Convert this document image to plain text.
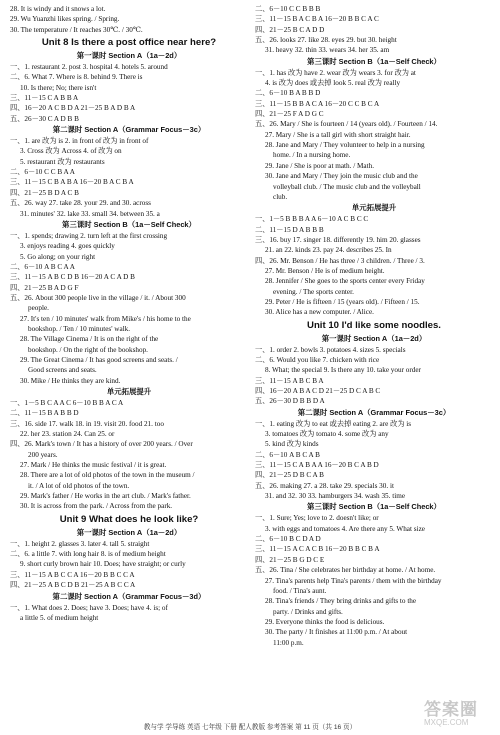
28. It is windy and it snows a lot.
29. Wu Yuanzhi likes spring. / Spring.
30. The temperature / It reaches 30℃. / 30℃.
Unit 8 Is there a post office near here?
第一课时 Section A（1a－2d）
一、1. restaurant 2. post 3. hospital 4. hotels 5. around
二、6. What 7. Where is 8. behind 9. There is
10. Is there; No; there isn't
三、11－15 C A B B A
四、16－20 A C B D A 21－25 B A D B A
五、26－30 C A D B B
第二课时 Section A（Grammar Focus－3c）
一、1. are 改为 is 2. in front of 改为 in front of
3. Cross 改为 Across 4. of 改为 on
5. restaurant 改为 restaurants
二、6－10 C C B A A
三、11－15 C B A B A 16－20 B A C B A
四、21－25 B D A C B
五、26. way 27. take 28. your 29. and 30. across
31. minutes' 32. lake 33. small 34. between 35. a
第三课时 Section B（1a－Self Check）
一、1. spends; drawing 2. turn left at the first crossing
3. enjoys reading 4. goes quickly
5. Go along; on your right
二、6－10 A B C A A
三、11－15 A B C D B 16－20 A C A D B
四、21－25 B A D G F
五、26. About 300 people live in the village / it. / About 300
people.
27. It's ten / 10 minutes' walk from Mike's / his home to the
bookshop. / Ten / 10 minutes' walk.
28. The Village Cinema / It is on the right of the
bookshop. / On the right of the bookshop.
29. The Great Cinema / It has good screens and seats. /
Good screens and seats.
30. Mike / He thinks they are kind.
单元拓展提升
一、1－5 B C A A C 6－10 B B A C A
二、11－15 B A B B D
三、16. side 17. walk 18. in 19. visit 20. food 21. too
22. her 23. station 24. Can 25. or
四、26. Mark's town / It has a history of over 200 years. / Over
200 years.
27. Mark / He thinks the music festival / it is great.
28. There are a lot of old photos of the town in the museum /
it. / A lot of old photos of the town.
29. Mark's father / He works in the art club. / Mark's father.
30. It is across from the park. / Across from the park.
Unit 9 What does he look like?
第一课时 Section A（1a－2d）
一、1. height 2. glasses 3. later 4. tall 5. straight
二、6. a little 7. with long hair 8. is of medium height
9. short curly brown hair 10. Does; have straight; or curly
三、11－15 A B C C A 16－20 B B C C A
四、21－25 A B C D B 21－25 A B C C A
第二课时 Section A（Grammar Focus－3d）
一、1. What does 2. Does; have 3. Does; have 4. is; of
a little 5. of medium height
二、6－10 C C B B B
三、11－15 B A C B A 16－20 B B C A C
四、21－25 B C A D D
五、26. looks 27. like 28. eyes 29. but 30. height
31. heavy 32. thin 33. wears 34. her 35. am
第三课时 Section B（1a－Self Check）
一、1. has 改为 have 2. wear 改为 wears 3. for 改为 at
4. is 改为 does 或去掉 look 5. real 改为 really
二、6－10 B A B B D
三、11－15 B B A C A 16－20 C C B C A
四、21－25 F A D G C
五、26. Mary / She is fourteen / 14 (years old). / Fourteen / 14.
27. Mary / She is a tall girl with short straight hair.
28. Jane and Mary / They volunteer to help in a nursing
home. / In a nursing home.
29. Jane / She is poor at math. / Math.
30. Jane and Mary / They join the music club and the
volleyball club. / The music club and the volleyball
club.
单元拓展提升
一、1－5 B B B A A 6－10 A C B C C
二、11－15 D A B B B
三、16. buy 17. singer 18. differently 19. him 20. glasses
21. an 22. kinds 23. pay 24. describes 25. In
四、26. Mr. Benson / He has three / 3 children. / Three / 3.
27. Mr. Benson / He is of medium height.
28. Jennifer / She goes to the sports center every Friday
evening. / The sports center.
29. Peter / He is fifteen / 15 (years old). / Fifteen / 15.
30. Alice has a new computer. / Alice.
Unit 10 I'd like some noodles.
第一课时 Section A（1a－2d）
一、1. order 2. bowls 3. potatoes 4. sizes 5. specials
二、6. Would you like 7. chicken with rice
8. What; the special 9. Is there any 10. take your order
三、11－15 A B C B A
四、16－20 A B A C D 21－25 D C A B C
五、26－30 D B B D A
第二课时 Section A（Grammar Focus－3c）
一、1. eating 改为 to eat 或去掉 eating 2. are 改为 is
3. tomatoes 改为 tomato 4. some 改为 any
5. kind 改为 kinds
二、6－10 A B C A B
三、11－15 C A B A A 16－20 B C A B D
四、21－25 D B C A B
五、26. making 27. a 28. take 29. specials 30. it
31. and 32. 30 33. hamburgers 34. wash 35. time
第三课时 Section B（1a－Self Check）
一、1. Sure; Yes; love to 2. doesn't like; or
3. with eggs and tomatoes 4. Are there any 5. What size
二、6－10 B C D A D
三、11－15 A C A C B 16－20 B B C B A
四、21－25 B G D C E
五、26. Tina / She celebrates her birthday at home. / At home.
27. Tina's parents help Tina's parents / them with the birthday
food. / Tina's aunt.
28. Tina's friends / They bring drinks and gifts to the
party. / Drinks and gifts.
29. Everyone thinks the food is delicious.
30. The party / It finishes at 11:00 p.m. / At about
11:00 p.m.
教与学 学导练 英语 七年级 下册 配人教版 参考答案 第 11 页（共 16 页）
答案圈
MXQE.COM
